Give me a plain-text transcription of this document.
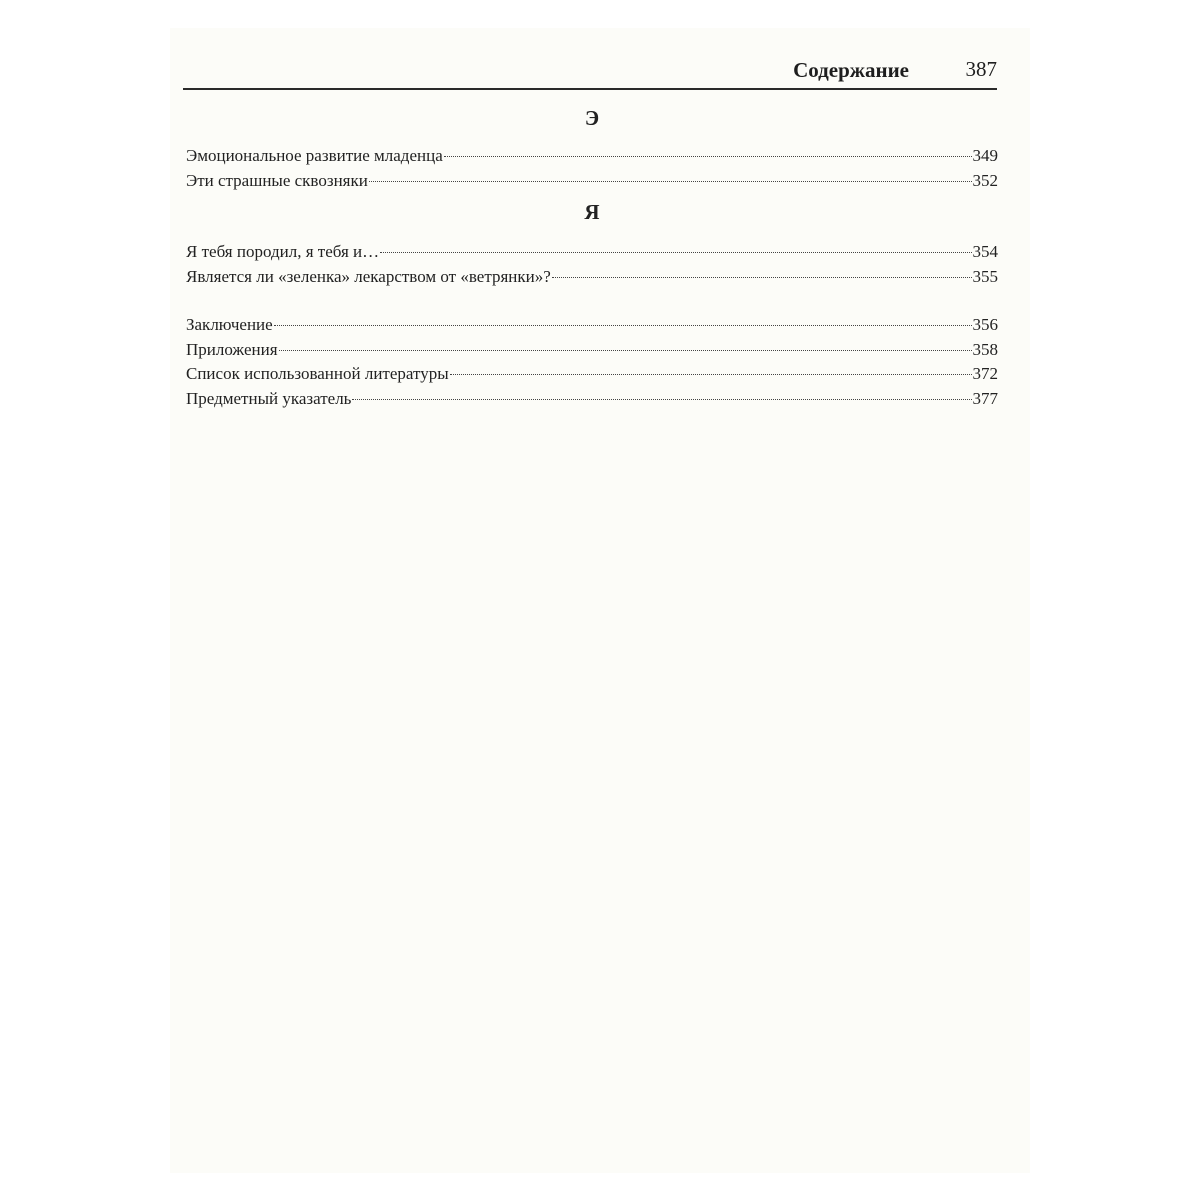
Содержание	387
Э
Эмоциональное развитие младенца	349
Эти страшные сквозняки	352
Я
Я тебя породил, я тебя и…	354
Является ли «зеленка» лекарством от «ветрянки»?	355
Заключение	356
Приложения	358
Список использованной литературы	372
Предметный указатель	377
